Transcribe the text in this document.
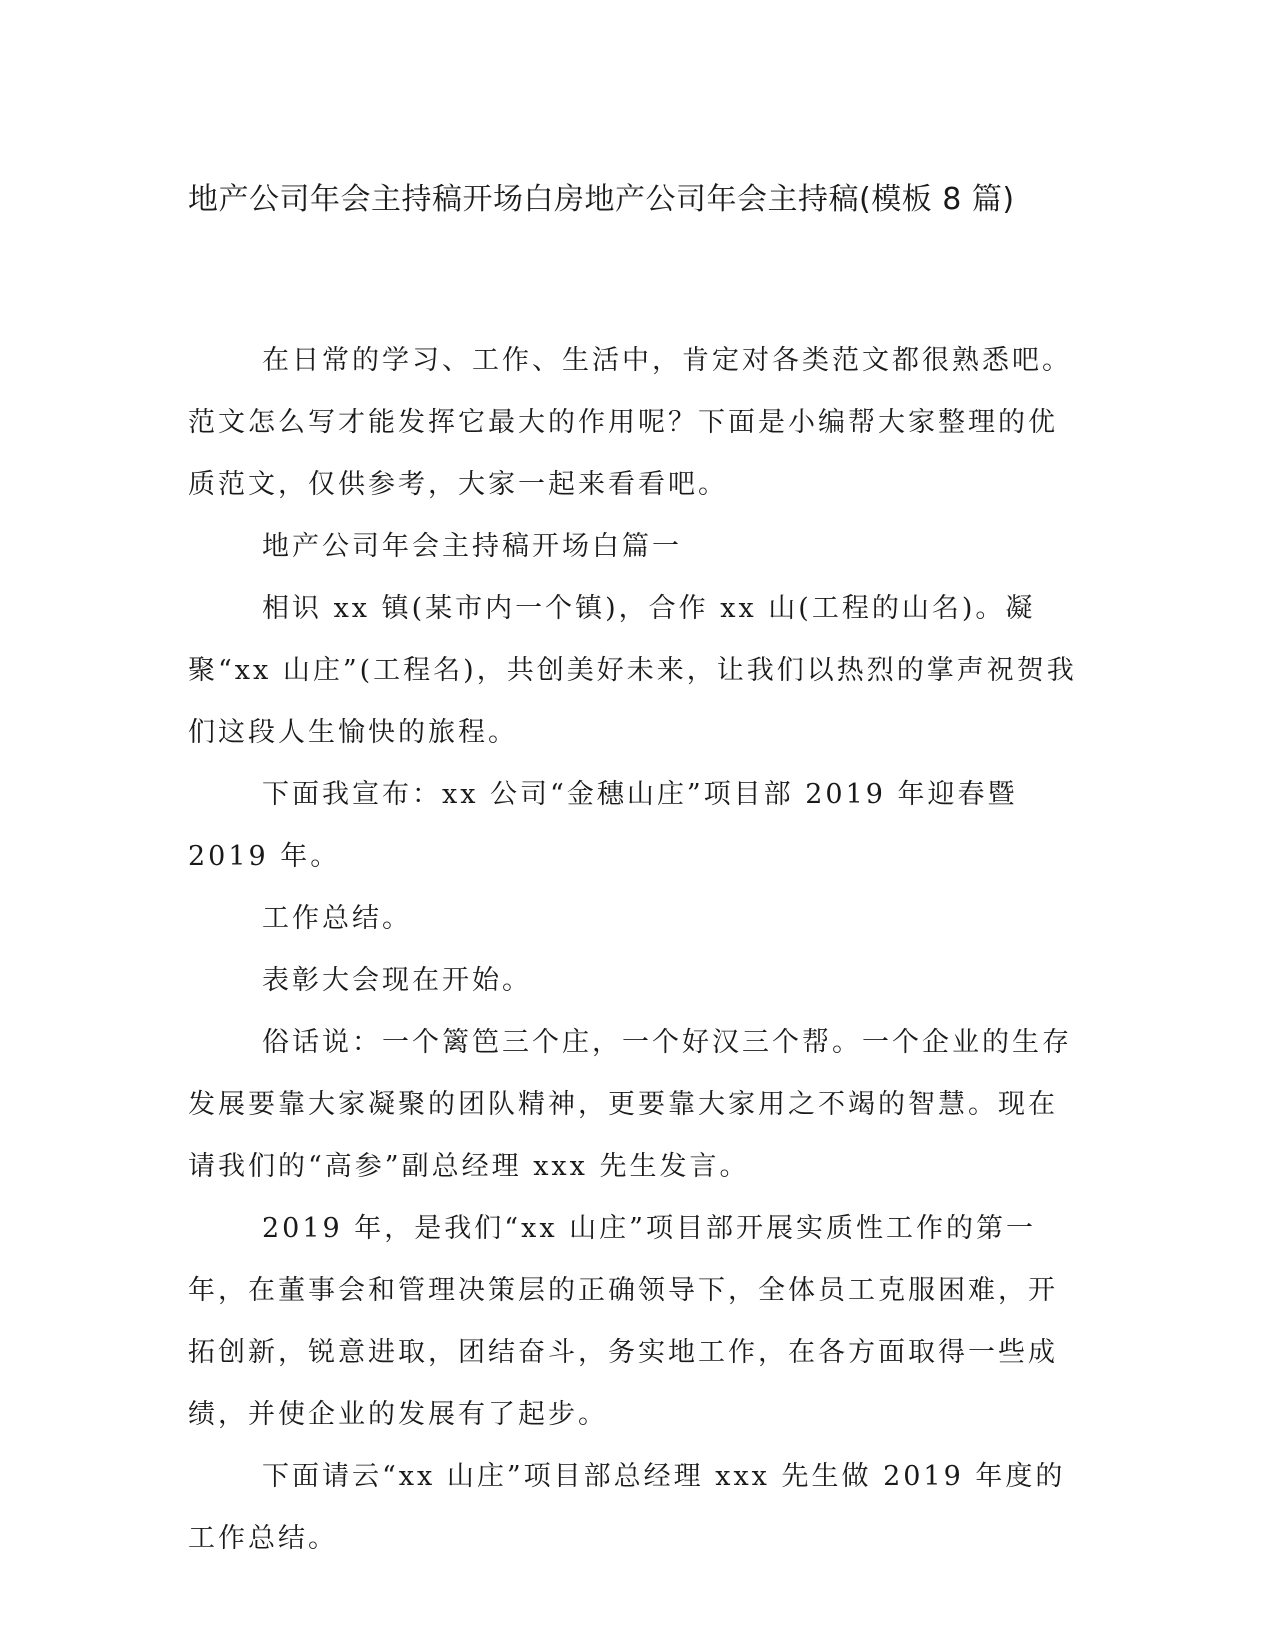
地产公司年会主持稿开场白房地产公司年会主持稿(模板 8 篇)

在日常的学习、工作、生活中，肯定对各类范文都很熟悉吧。范文怎么写才能发挥它最大的作用呢？下面是小编帮大家整理的优质范文，仅供参考，大家一起来看看吧。

地产公司年会主持稿开场白篇一

相识 xx 镇(某市内一个镇)，合作 xx 山(工程的山名)。凝聚“xx 山庄”(工程名)，共创美好未来，让我们以热烈的掌声祝贺我们这段人生愉快的旅程。

下面我宣布：xx 公司“金穗山庄”项目部 2019 年迎春暨 2019 年。

工作总结。

表彰大会现在开始。

俗话说：一个篱笆三个庄，一个好汉三个帮。一个企业的生存发展要靠大家凝聚的团队精神，更要靠大家用之不竭的智慧。现在请我们的“高参”副总经理 xxx 先生发言。

2019 年，是我们“xx 山庄”项目部开展实质性工作的第一年，在董事会和管理决策层的正确领导下，全体员工克服困难，开拓创新，锐意进取，团结奋斗，务实地工作，在各方面取得一些成绩，并使企业的发展有了起步。

下面请云“xx 山庄”项目部总经理 xxx 先生做 2019 年度的工作总结。
